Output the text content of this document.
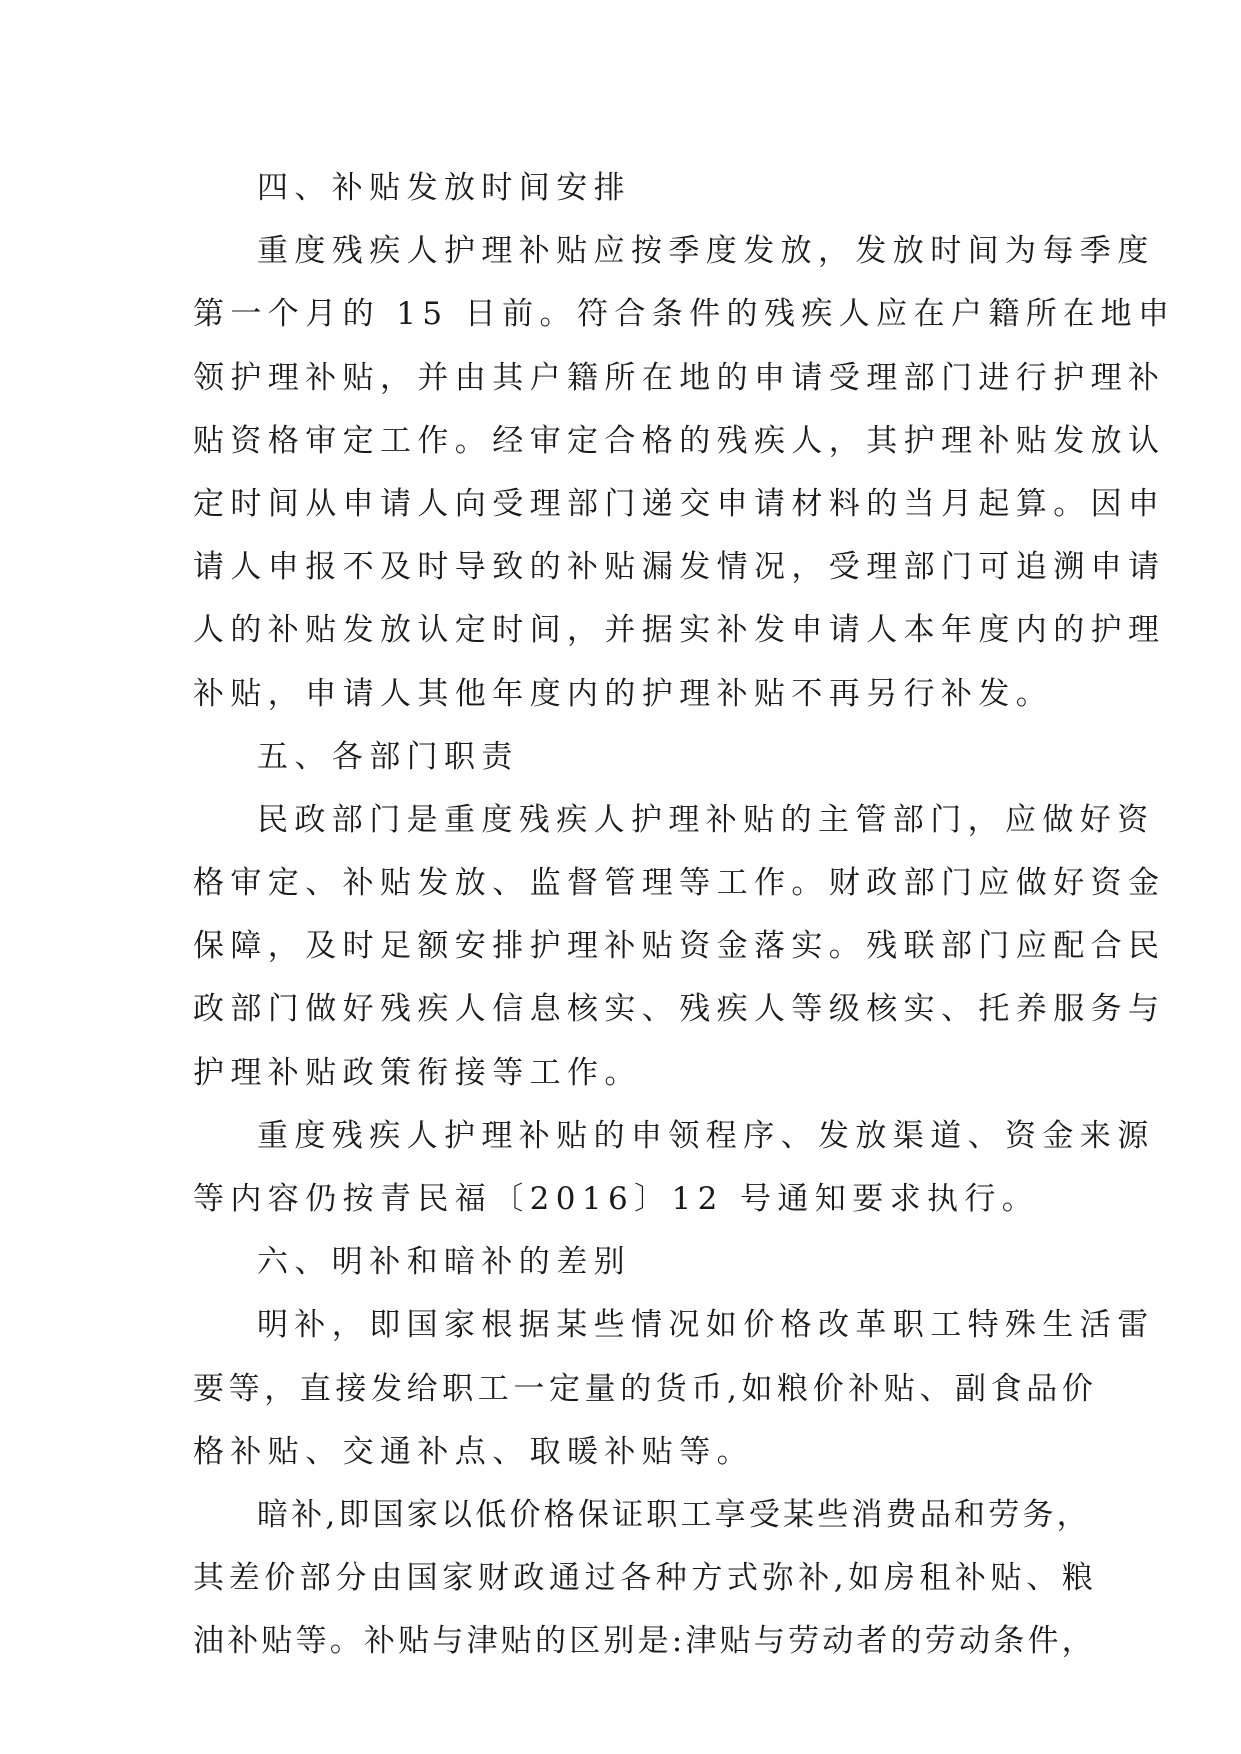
四、补贴发放时间安排
重度残疾人护理补贴应按季度发放，发放时间为每季度
第一个月的 15 日前。符合条件的残疾人应在户籍所在地申
领护理补贴，并由其户籍所在地的申请受理部门进行护理补
贴资格审定工作。经审定合格的残疾人，其护理补贴发放认
定时间从申请人向受理部门递交申请材料的当月起算。因申
请人申报不及时导致的补贴漏发情况，受理部门可追溯申请
人的补贴发放认定时间，并据实补发申请人本年度内的护理
补贴，申请人其他年度内的护理补贴不再另行补发。
五、各部门职责
民政部门是重度残疾人护理补贴的主管部门，应做好资
格审定、补贴发放、监督管理等工作。财政部门应做好资金
保障，及时足额安排护理补贴资金落实。残联部门应配合民
政部门做好残疾人信息核实、残疾人等级核实、托养服务与
护理补贴政策衔接等工作。
重度残疾人护理补贴的申领程序、发放渠道、资金来源
等内容仍按青民福〔2016〕12 号通知要求执行。
六、明补和暗补的差别
明补，即国家根据某些情况如价格改革职工特殊生活雷
要等，直接发给职工一定量的货币,如粮价补贴、副食品价
格补贴、交通补点、取暖补贴等。
暗补,即国家以低价格保证职工享受某些消费品和劳务，
其差价部分由国家财政通过各种方式弥补,如房租补贴、粮
油补贴等。补贴与津贴的区别是:津贴与劳动者的劳动条件，
